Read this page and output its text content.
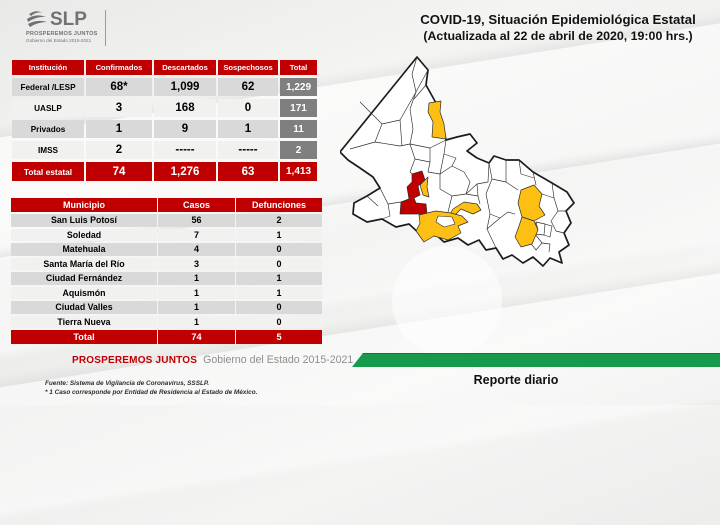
SLP
PROSPEREMOS JUNTOS
Gobierno del Estado 2015-2021
COVID-19, Situación Epidemiológica Estatal
(Actualizada al 22 de abril de 2020, 19:00 hrs.)
Institución	Confirmados	Descartados	Sospechosos	Total
Federal /LESP	68*	1,099	62	1,229
UASLP	3	168	0	171
Privados	1	9	1	11
IMSS	2	-----	-----	2
Total estatal	74	1,276	63	1,413
Municipio	Casos	Defunciones
San Luis Potosí	56	2
Soledad	7	1
Matehuala	4	0
Santa María del Río	3	0
Ciudad Fernández	1	1
Aquismón	1	1
Ciudad Valles	1	0
Tierra Nueva	1	0
Total	74	5
PROSPEREMOS JUNTOS Gobierno del Estado 2015-2021
Fuente: Sistema de Vigilancia de Coronavirus, SSSLP.
* 1 Caso corresponde por Entidad de Residencia al Estado de México.
Reporte diario
